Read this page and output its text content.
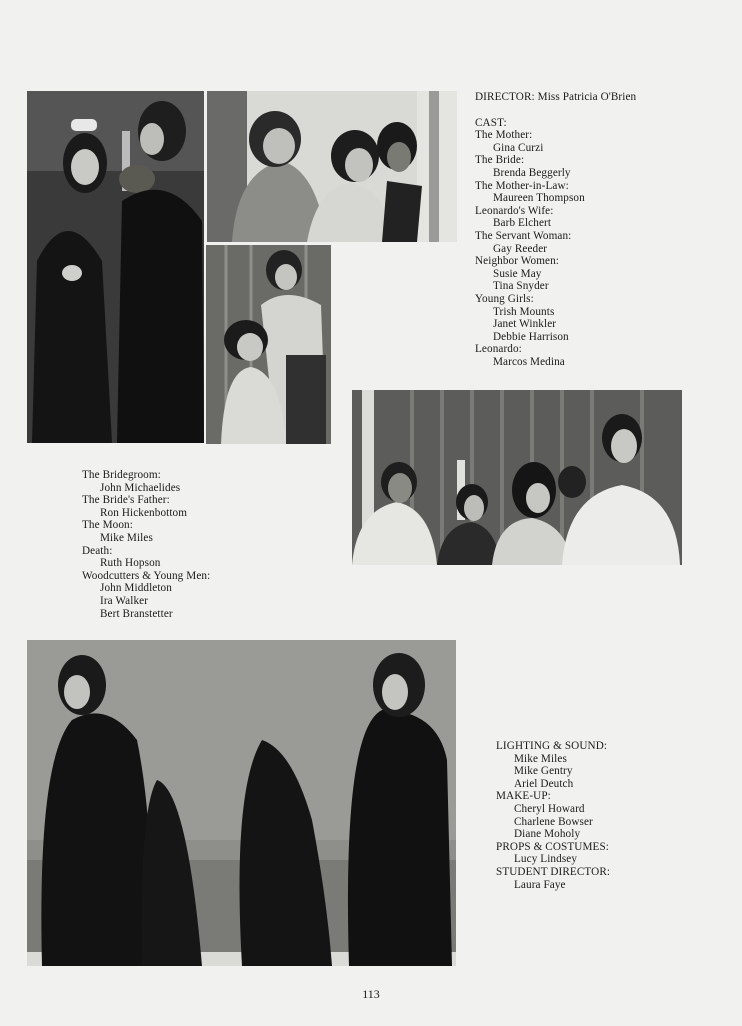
DIRECTOR: Miss Patricia O'Brien
CAST:
The Mother:
Gina Curzi
The Bride:
Brenda Beggerly
The Mother-in-Law:
Maureen Thompson
Leonardo's Wife:
Barb Elchert
The Servant Woman:
Gay Reeder
Neighbor Women:
Susie May
Tina Snyder
Young Girls:
Trish Mounts
Janet Winkler
Debbie Harrison
Leonardo:
Marcos Medina
The Bridegroom:
John Michaelides
The Bride's Father:
Ron Hickenbottom
The Moon:
Mike Miles
Death:
Ruth Hopson
Woodcutters & Young Men:
John Middleton
Ira Walker
Bert Branstetter
LIGHTING & SOUND:
Mike Miles
Mike Gentry
Ariel Deutch
MAKE-UP:
Cheryl Howard
Charlene Bowser
Diane Moholy
PROPS & COSTUMES:
Lucy Lindsey
STUDENT DIRECTOR:
Laura Faye
113
